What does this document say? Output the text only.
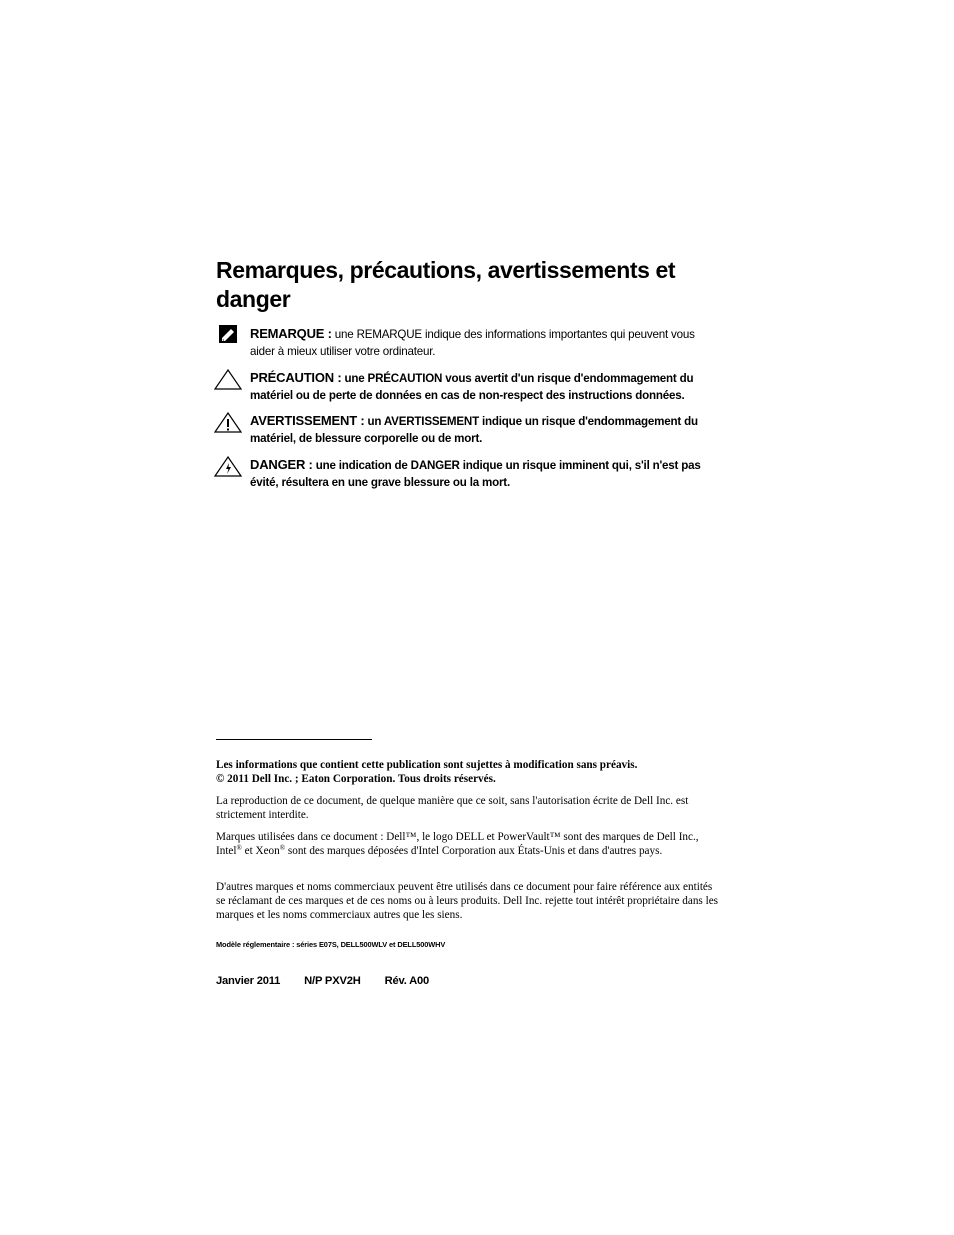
Remarques, précautions, avertissements et danger
REMARQUE : une REMARQUE indique des informations importantes qui peuvent vous aider à mieux utiliser votre ordinateur.
PRÉCAUTION : une PRÉCAUTION vous avertit d'un risque d'endommagement du matériel ou de perte de données en cas de non-respect des instructions données.
AVERTISSEMENT : un AVERTISSEMENT indique un risque d'endommagement du matériel, de blessure corporelle ou de mort.
DANGER : une indication de DANGER indique un risque imminent qui, s'il n'est pas évité, résultera en une grave blessure ou la mort.
Les informations que contient cette publication sont sujettes à modification sans préavis.
© 2011 Dell Inc. ; Eaton Corporation. Tous droits réservés.
La reproduction de ce document, de quelque manière que ce soit, sans l'autorisation écrite de Dell Inc. est strictement interdite.
Marques utilisées dans ce document : Dell™, le logo DELL et PowerVault™ sont des marques de Dell Inc., Intel® et Xeon® sont des marques déposées d'Intel Corporation aux États-Unis et dans d'autres pays.
D'autres marques et noms commerciaux peuvent être utilisés dans ce document pour faire référence aux entités se réclamant de ces marques et de ces noms ou à leurs produits. Dell Inc. rejette tout intérêt propriétaire dans les marques et les noms commerciaux autres que les siens.
Modèle réglementaire : séries E07S, DELL500WLV et DELL500WHV
Janvier 2011 N/P PXV2H Rév. A00
